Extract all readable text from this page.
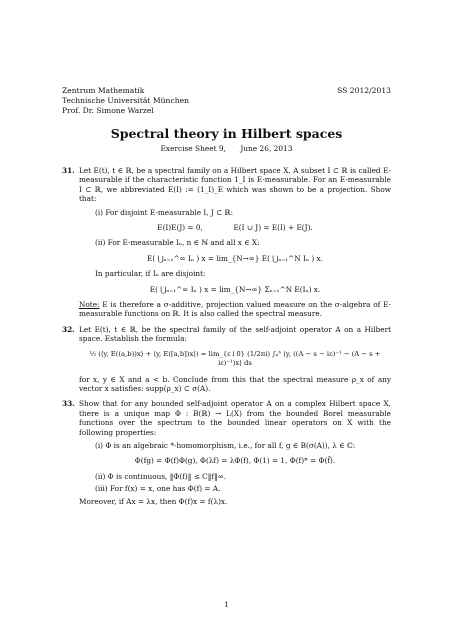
Zentrum Mathematik
Technische Universität München
Prof. Dr. Simone Warzel
SS 2012/2013
Spectral theory in Hilbert spaces
Exercise Sheet 9, June 26, 2013
31. Let E(t), t ∈ ℝ, be a spectral family on a Hilbert space X. A subset I ⊂ ℝ is called E-measurable if the characteristic function 1_I is E-measurable. For an E-measurable I ⊂ ℝ, we abbreviated E(I) := (1_I)_E which was shown to be a projection. Show that:

(i) For disjoint E-measurable I, J ⊂ ℝ:
E(I)E(J) = 0,	E(I ∪ J) = E(I) + E(J).
(ii) For E-measurable Iₙ, n ∈ ℕ and all x ∈ X:
E( ⋃ₙ₌₁^∞ Iₙ ) x = lim_{N→∞} E( ⋃ₙ₌₁^N Iₙ ) x.
In particular, if Iₙ are disjoint:
E( ⋃ₙ₌₁^∞ Iₙ ) x = lim_{N→∞} Σₙ₌₁^N E(Iₙ) x.

Note: E is therefore a σ-additive, projection valued measure on the σ-algebra of E-measurable functions on ℝ. It is also called the spectral measure.

32. Let E(t), t ∈ ℝ, be the spectral family of the self-adjoint operator A on a Hilbert space. Establish the formula:

½ (⟨y, E((a,b))x⟩ + ⟨y, E([a,b])x⟩) = lim_{ε↓0} (1/2πi) ∫ₐᵇ ⟨y, ((A − s − iε)⁻¹ − (A − s + iε)⁻¹)x⟩ ds

for x, y ∈ X and a < b. Conclude from this that the spectral measure ρ_x of any vector x satisfies: supp(ρ_x) ⊂ σ(A).

33. Show that for any bounded self-adjoint operator A on a complex Hilbert space X, there is a unique map Φ : B(ℝ) → L(X) from the bounded Borel measurable functions over the spectrum to the bounded linear operators on X with the following properties:

(i) Φ is an algebraic *-homomorphism, i.e., for all f, g ∈ B(σ(A)), λ ∈ ℂ:
Φ(fg) = Φ(f)Φ(g), Φ(λf) = λΦ(f), Φ(1) = 1, Φ(f)* = Φ(f̄).
(ii) Φ is continuous, ‖Φ(f)‖ ≤ C‖f‖∞.
(iii) For f(x) = x, one has Φ(f) = A.

Moreover, if Ax = λx, then Φ(f)x = f(λ)x.

1
